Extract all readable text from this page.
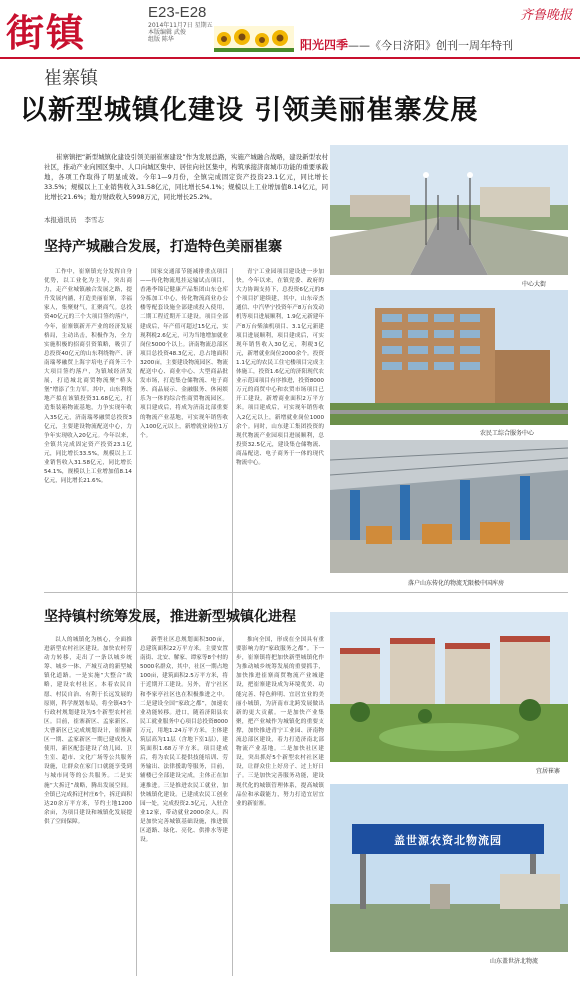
街镇	E23-E28
2014年11月7日 星期五
本版编辑 武俊
组版 陈华
齐鲁晚报
阳光四季——《今日济阳》创刊一周年特刊
崔寨镇
以新型城镇化建设 引领美丽崔寨发展
崔寨镇把“新型城镇化建设引领美丽崔寨建设”作为发展总路，实施产城融合战略，建设新型农村社区，推动产业向园区集中、人口向城区集中、居住向社区集中，构筑承接济南城市功能的重要承载地，各项工作取得了明显成效。今年1—9月份，全镇完成固定资产投资23.1亿元，同比增长33.5%；规模以上工业销售收入31.58亿元，同比增长54.1%；规模以上工业增加值8.14亿元，同比增长21.6%；地方财政收入5998万元，同比增长25.2%。
本报通讯员 李雪志
中心大街
坚持产城融合发展，打造特色美丽崔寨

工作中，崔寨镇充分发挥自身优势，以工业化为主导，突出商力，走产业城镇融合发展之路，提升发展内涵，打造美丽崔寨，幸福家人，集聚财气，汇聚商气。总投资40亿元的三个大项目签约落户，今年，崔寨镇新开产业的经济发展格局，主动出击，积极作为，全力实施积极的招商引资策略，吸引了总投资40亿元的山东利绕物产、济南瑞琴融贸上海宇培电子商务三个大项目签约落户，为镇域经济发展，打造城北商贸物流聚“桥头堡”增添了生力军。其中，山东利绕地产拟在该镇投资31.68亿元，打造集装箱物流基地，力争实现年收入35亿元，济南瑞琴融贸总投资3亿元，主要建设物流配送中心，力争年实现收入20亿元。今年以来，全镇共完成固定资产投资23.1亿元，同比增长33.5%，规模以上工业销售收入31.58亿元，同比增长54.1%，规模以上工业增加值8.14亿元，同比增长21.6%。

国家交通部节能减排重点项目——传化物流甩挂运输试点项目，香港李锦记健康产品集团山东仓库分拣加工中心，传化物流商业办公楼等配套设施全部建成投入使用，二期工程近期开工建设。项目全部建成后，年产值可超过15亿元，实现利税2.6亿元，可为当地增加就业岗位5000个以上。济南物流总部区项目总投资48.3亿元，总占地面积3200亩，主要建设物流园区、物流配送中心、商业中心、大型商品批发市场，打造集仓储物流、电子商务、商品展示、金融服务、休闲娱乐为一体的综合性商贸物流园区。项目建成后，将成为济南北部重要的物流产业基地，可实现年销售收入100亿元以上，新增就业岗位1万个。

青宁工业园项目建设进一步加快。今年以来，在镇党委、政府的大力协调支持下，总投资6亿元的8个项目扩建续建，其中，山东帝杰通信、中汽华宁投资年产8万台发动机等项目进展顺利，1.9亿元新建年产8万台柴油机项目、3.1亿元新建项目进展顺利，项目建成后，可实现年销售收入30亿元，利税3亿元，新增就业岗位2000余个。投资1.1亿元的农民工住宅楼项目完成主体施工，投资1.6亿元的济阳现代农业示范园项目有序推进，投资8000万元的商贸中心和农贸市场项目已开工建设，新增商业面积2万平方米。项目建成后，可实现年销售收入2亿元以上，新增就业岗位1000余个。同时，山东建工集团投资的现代物流产业园项目进展顺利，总投资32.5亿元，建设集仓储物流、商品配送、电子商务于一体的现代物流中心。

农民工综合服务中心
落户山东传化的物流无限极中国库房
坚持镇村统筹发展，推进新型城镇化进程

以人的城镇化为核心，全面推进新型农村社区建设。加快农村劳动力转移，走出了一条以城乡统筹、城乡一体、产城互动的新型城镇化道路。一是实施“大整合”战略，建设农村社区。本着农民自愿、村民自治、有利于长远发展的原则，科学规划布局，将全镇43个行政村规划建设为5个新型农村社区。目前，崔寨新区、孟家新区、大曹新区已完成规划设计，崔寨新区一期、孟家新区一期已建成投入使用，新区配套建设了幼儿园、卫生室、超市、文化广场等公共服务设施，让群众在家门口就能享受到与城市同等的公共服务。二是实施“大拆迁”战略，腾出发展空间。全镇已完成拆迁村庄6个，拆迁面积达20余万平方米，节约土地1200余亩，为项目建设和城镇化发展提供了空间保障。

新型社区总规划面积300亩，总建筑面积22万平方米。主要安置南街、北安、解家、谭家等8个村的5000名群众，其中，社区一期占地100亩，建筑面积2.5万平方米，将于近期开工建设。另外，青宁社区和李家亭社区也在积极推进之中。二是建设全国“家政之都”，加速农业功能转移。进口，随着济阳县农民工就业服务中心项目总投资8000万元，用地1.24万平方米，主体建筑层高为11层（含地下室1层），建筑面积1.68万平方米。项目建成后，将为农民工提供技能培训、劳务输出、法律援助等服务，目前，辅楼已全部建设完成，主体正在加速推进。三是推进农民工就业，加快城镇化建设。已建成农民工创业园一处，完成投资2.3亿元，入驻企业12家，带动就业2000余人。四是加快完善城镇基础设施，推进镇区道路、绿化、亮化、供排水等建设。

推向全国，形成在全国具有重要影响力的“家政服务之都”。下一步，崔寨镇将把加快新型城镇化作为推动城乡统筹发展的重要抓手，加快推进崔寨商贸物流产业城建设，把崔寨建设成为环境优美、功能完善、特色鲜明、宜居宜业的美丽小城镇，为济南市北跨发展做出新的更大贡献。一是加快产业集聚，把产业城作为城镇化的重要支撑，加快推进青宁工业园、济南物流总部区建设，着力打造济南北部物流产业基地。二是加快社区建设，突出抓好5个新型农村社区建设，让群众住上好房子、过上好日子。三是加快完善服务功能，建设现代化的城镇管理体系，提高城镇品位和承载能力，努力打造宜居宜业的新崔寨。

宜居崔寨
盖世源农资北物流园
山东盖世济北物流
